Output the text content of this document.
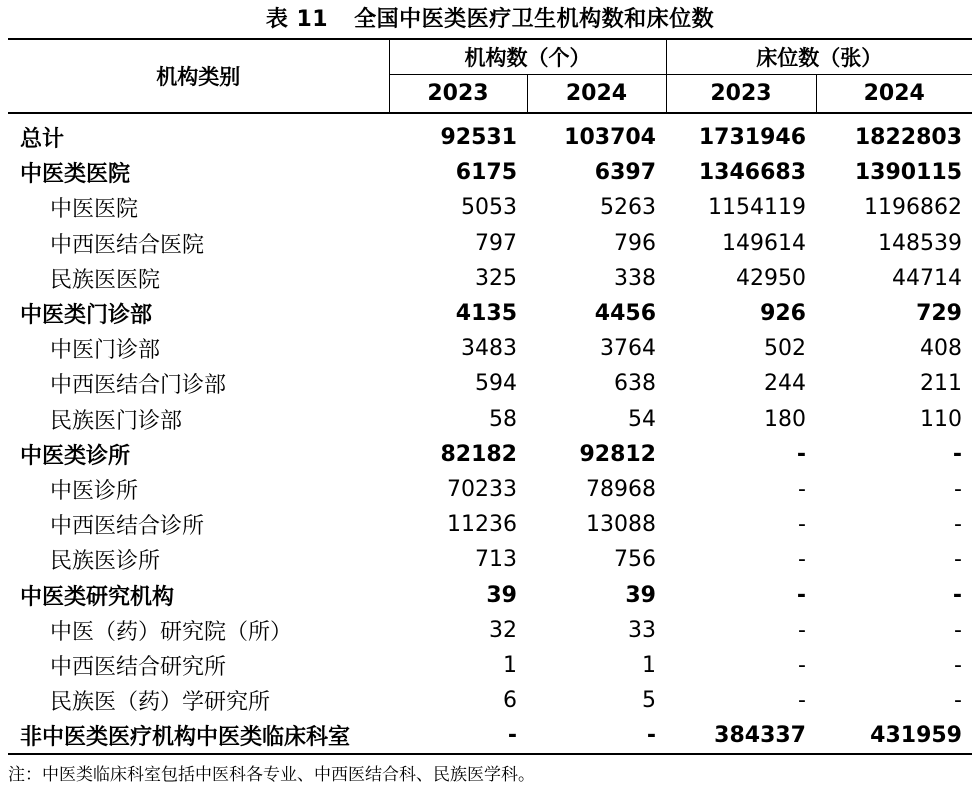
表 11 全国中医类医疗卫生机构数和床位数
机构类别	机构数（个）		床位数（张）	
	2023	2024	2023	2024
总计	92531	103704	1731946	1822803
中医类医院	6175	6397	1346683	1390115
中医医院	5053	5263	1154119	1196862
中西医结合医院	797	796	149614	148539
民族医医院	325	338	42950	44714
中医类门诊部	4135	4456	926	729
中医门诊部	3483	3764	502	408
中西医结合门诊部	594	638	244	211
民族医门诊部	58	54	180	110
中医类诊所	82182	92812	-	-
中医诊所	70233	78968	-	-
中西医结合诊所	11236	13088	-	-
民族医诊所	713	756	-	-
中医类研究机构	39	39	-	-
中医（药）研究院（所）	32	33	-	-
中西医结合研究所	1	1	-	-
民族医（药）学研究所	6	5	-	-
非中医类医疗机构中医类临床科室	-	-	384337	431959
注：中医类临床科室包括中医科各专业、中西医结合科、民族医学科。
